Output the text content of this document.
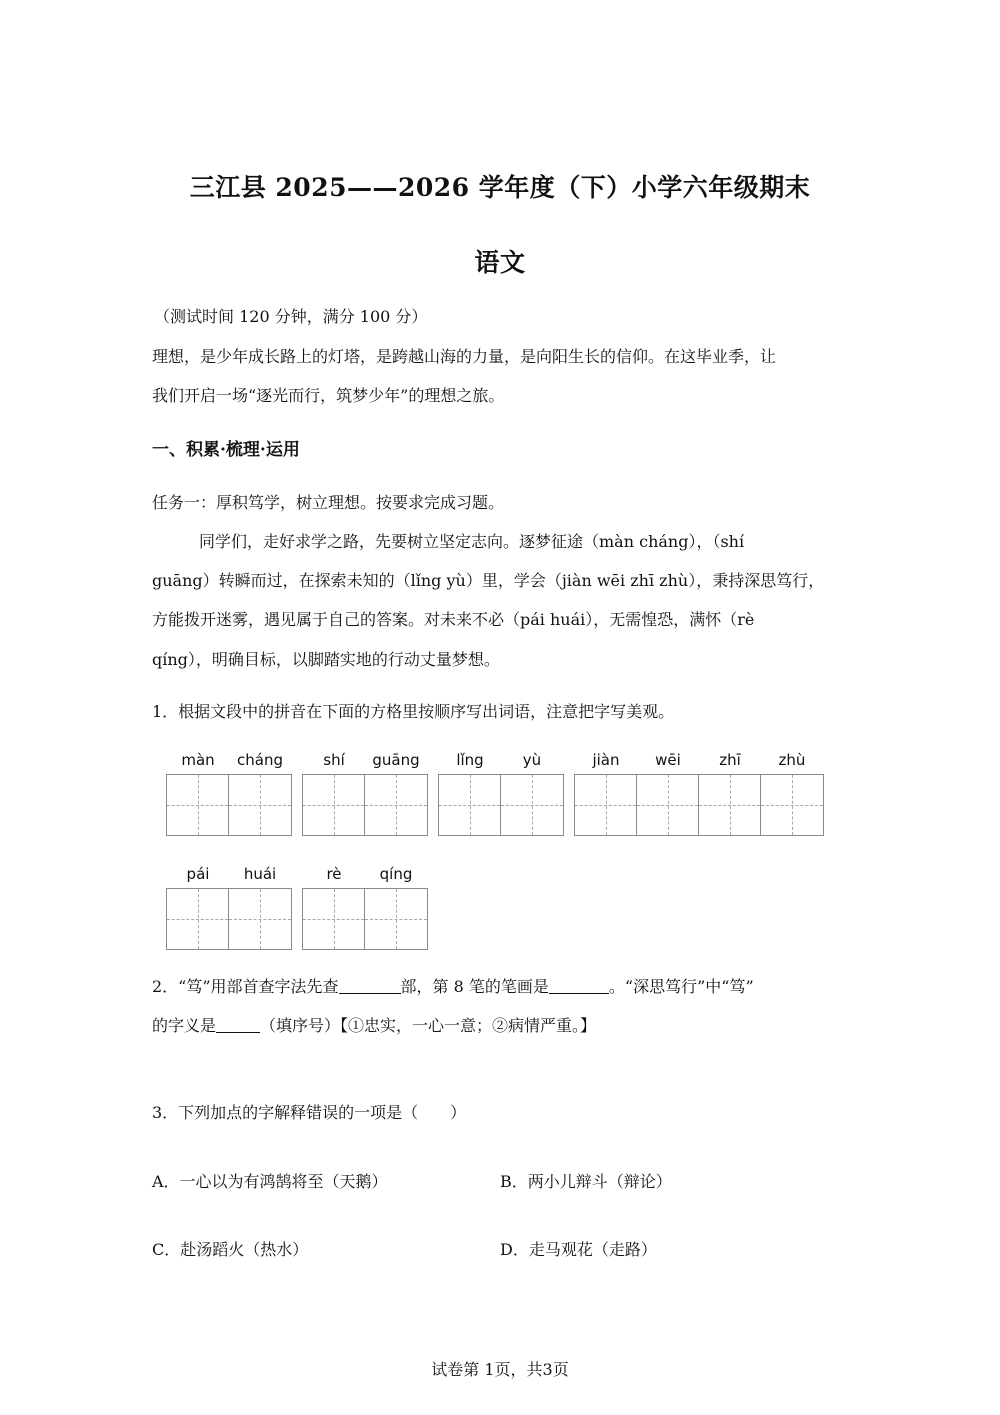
三江县 2025——2026 学年度（下）小学六年级期末
语文
（测试时间 120 分钟，满分 100 分）
理想，是少年成长路上的灯塔，是跨越山海的力量，是向阳生长的信仰。在这毕业季，让
我们开启一场“逐光而行，筑梦少年”的理想之旅。
一、积累·梳理·运用
任务一：厚积笃学，树立理想。按要求完成习题。
同学们，走好求学之路，先要树立坚定志向。逐梦征途（màn cháng），（shí
guāng）转瞬而过，在探索未知的（lǐng yù）里，学会（jiàn wēi zhī zhù），秉持深思笃行，
方能拨开迷雾，遇见属于自己的答案。对未来不必（pái huái），无需惶恐，满怀（rè
qíng），明确目标，以脚踏实地的行动丈量梦想。
1．根据文段中的拼音在下面的方格里按顺序写出词语，注意把字写美观。
màn	cháng	shí	guāng	lǐng	yù	jiàn	wēi	zhī	zhù
pái	huái	rè	qíng
2．“笃”用部首查字法先查	部，第 8 笔的笔画是	。“深思笃行”中“笃”
的字义是	（填序号）【①忠实，一心一意；②病情严重。】
3．下列加点的字解释错误的一项是（　　）
A．一心以为有鸿鹄将至（天鹅）	B．两小儿辩斗（辩论）
C．赴汤蹈火（热水）	D．走马观花（走路）
试卷第 1页，共3页
